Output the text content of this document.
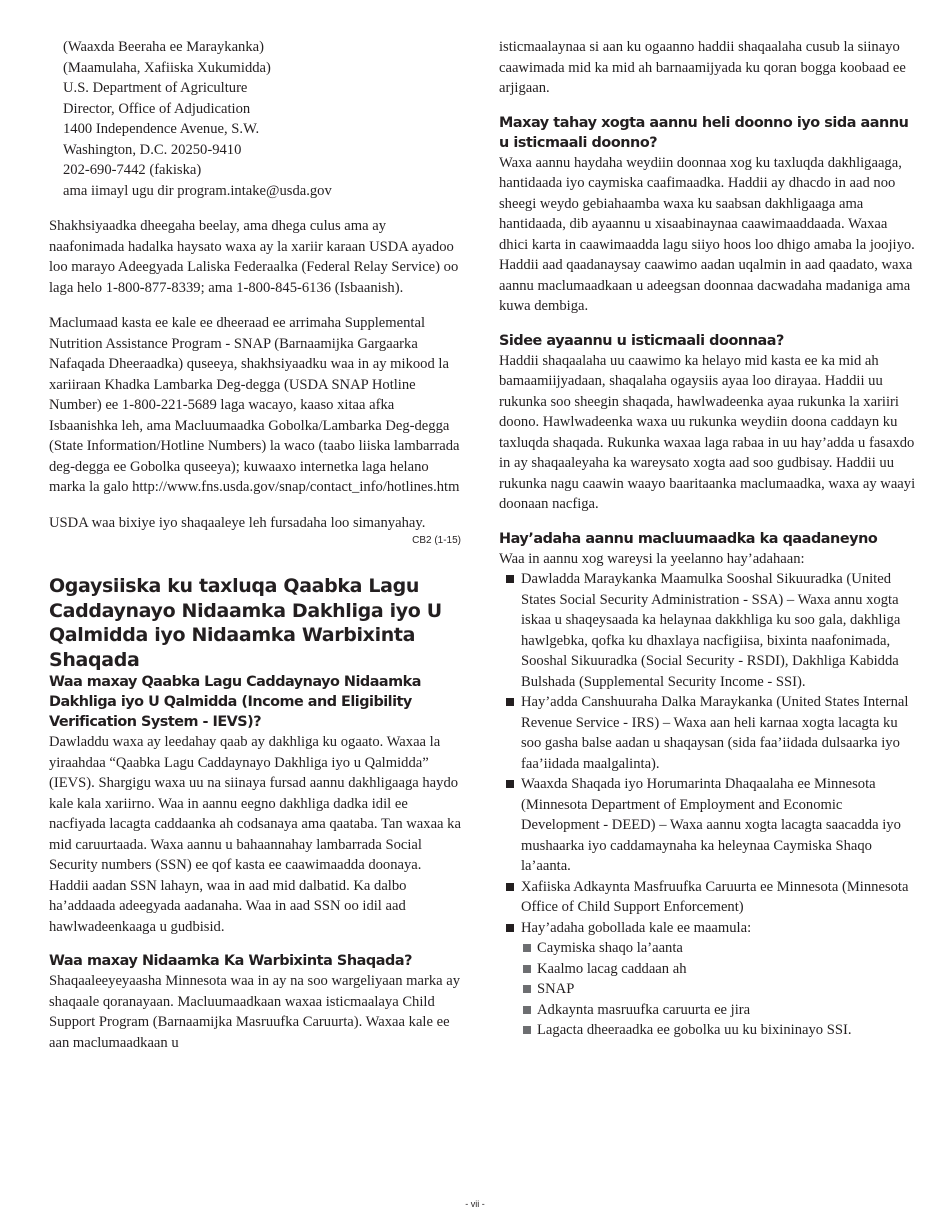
(Waaxda Beeraha ee Maraykanka)
(Maamulaha, Xafiiska Xukumidda)
U.S. Department of Agriculture
Director, Office of Adjudication
1400 Independence Avenue, S.W.
Washington, D.C. 20250-9410
202-690-7442 (fakiska)
ama iimayl ugu dir program.intake@usda.gov

Shakhsiyaadka dheegaha beelay, ama dhega culus ama ay naafonimada hadalka haysato waxa ay la xariir karaan USDA ayadoo loo marayo Adeegyada Laliska Federaalka (Federal Relay Service) oo laga helo 1-800-877-8339; ama 1-800-845-6136 (Isbaanish).

Maclumaad kasta ee kale ee dheeraad ee arrimaha Supplemental Nutrition Assistance Program - SNAP (Barnaamijka Gargaarka Nafaqada Dheeraadka) quseeya, shakhsiyaadku waa in ay mikood la xariiraan Khadka Lambarka Deg-degga (USDA SNAP Hotline Number) ee 1-800-221-5689 laga wacayo, kaaso xitaa afka Isbaanishka leh, ama Macluumaadka Gobolka/Lambarka Deg-degga (State Information/Hotline Numbers) la waco (taabo liiska lambarrada deg-degga ee Gobolka quseeya); kuwaaxo internetka laga helano marka la galo http://www.fns.usda.gov/snap/contact_info/hotlines.htm

USDA waa bixiye iyo shaqaaleye leh fursadaha loo simanyahay.

CB2 (1-15)
Ogaysiiska ku taxluqa Qaabka Lagu Caddaynayo Nidaamka Dakhliga iyo U Qalmidda iyo Nidaamka Warbixinta Shaqada
Waa maxay Qaabka Lagu Caddaynayo Nidaamka Dakhliga iyo U Qalmidda (Income and Eligibility Verification System - IEVS)?

Dawladdu waxa ay leedahay qaab ay dakhliga ku ogaato. Waxaa la yiraahdaa “Qaabka Lagu Caddaynayo Dakhliga iyo u Qalmidda” (IEVS). Shargigu waxa uu na siinaya fursad aannu dakhligaaga haydo kale kala xariirno. Waa in aannu eegno dakhliga dadka idil ee nacfiyada lacagta caddaanka ah codsanaya ama qaataba. Tan waxaa ka mid caruurtaada. Waxa aannu u bahaannahay lambarrada Social Security numbers (SSN) ee qof kasta ee caawimaadda doonaya. Haddii aadan SSN lahayn, waa in aad mid dalbatid. Ka dalbo ha’addaada adeegyada aadanaha. Waa in aad SSN oo idil aad hawlwadeenkaaga u gudbisid.

Waa maxay Nidaamka Ka Warbixinta Shaqada?

Shaqaaleeyeyaasha Minnesota waa in ay na soo wargeliyaan marka ay shaqaale qoranayaan. Macluumaadkaan waxaa isticmaalaya Child Support Program (Barnaamijka Masruufka Caruurta). Waxaa kale ee aan maclumaadkaan u

isticmaalaynaa si aan ku ogaanno haddii shaqaalaha cusub la siinayo caawimada mid ka mid ah barnaamijyada ku qoran bogga koobaad ee arjigaan.

Maxay tahay xogta aannu heli doonno iyo sida aannu u isticmaali doonno?

Waxa aannu haydaha weydiin doonnaa xog ku taxluqda dakhligaaga, hantidaada iyo caymiska caafimaadka. Haddii ay dhacdo in aad noo sheegi weydo gebiahaamba waxa ku saabsan dakhligaaga ama hantidaada, dib ayaannu u xisaabinaynaa caawimaaddaada. Waxaa dhici karta in caawimaadda lagu siiyo hoos loo dhigo amaba la joojiyo. Haddii aad qaadanaysay caawimo aadan uqalmin in aad qaadato, waxa aannu maclumaadkaan u adeegsan doonnaa dacwadaha madaniga ama kuwa dembiga.

Sidee ayaannu u isticmaali doonnaa?

Haddii shaqaalaha uu caawimo ka helayo mid kasta ee ka mid ah bamaamiijyadaan, shaqalaha ogaysiis ayaa loo dirayaa. Haddii uu rukunka soo sheegin shaqada, hawlwadeenka ayaa rukunka la xariiri doono. Hawlwadeenka waxa uu rukunka weydiin doona caddayn ku taxluqda shaqada. Rukunka waxaa laga rabaa in uu hay’adda u fasaxdo in ay shaqaaleyaha ka wareysato xogta aad soo gudbisay. Haddii uu rukunka nagu caawin waayo baaritaanka maclumaadka, waxa ay waayi doonaan nacfiga.

Hay’adaha aannu macluumaadka ka qaadaneyno

Waa in aannu xog wareysi la yeelanno hay’adahaan:

Dawladda Maraykanka Maamulka Sooshal Sikuuradka (United States Social Security Administration - SSA) – Waxa annu xogta iskaa u shaqeysaada ka helaynaa dakkhliga ku soo gala, dakhliga hawlgebka, qofka ku dhaxlaya nacfigiisa, bixinta naafonimada, Sooshal Sikuuradka (Social Security - RSDI), Dakhliga Kabidda Bulshada (Supplemental Security Income - SSI).
Hay’adda Canshuuraha Dalka Maraykanka (United States Internal Revenue Service - IRS) – Waxa aan heli karnaa xogta lacagta ku soo gasha balse aadan u shaqaysan (sida faa’iidada dulsaarka iyo faa’iidada maalgalinta).
Waaxda Shaqada iyo Horumarinta Dhaqaalaha ee Minnesota (Minnesota Department of Employment and Economic Development - DEED) – Waxa aannu xogta lacagta saacadda iyo mushaarka iyo caddamaynaha ka heleynaa Caymiska Shaqo la’aanta.
Xafiiska Adkaynta Masfruufka Caruurta ee Minnesota (Minnesota Office of Child Support Enforcement)
Hay’adaha gobollada kale ee maamula:
Caymiska shaqo la’aanta
Kaalmo lacag caddaan ah
SNAP
Adkaynta masruufka caruurta ee jira
Lagacta dheeraadka ee gobolka uu ku bixininayo SSI.
- vii -
